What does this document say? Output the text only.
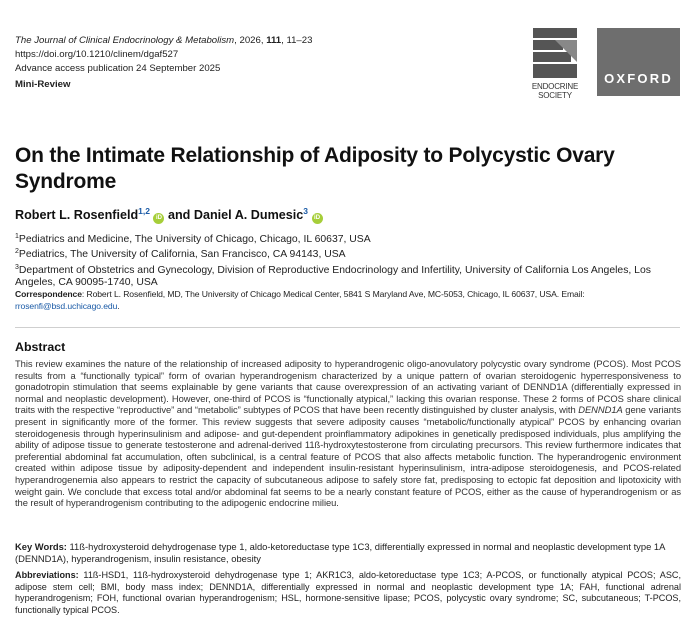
The Journal of Clinical Endocrinology & Metabolism, 2026, 111, 11–23
https://doi.org/10.1210/clinem/dgaf527
Advance access publication 24 September 2025
Mini-Review	ENDOCRINE
SOCIETY
OXFORD
On the Intimate Relationship of Adiposity to Polycystic Ovary Syndrome
Robert L. Rosenfield$^{1,2}$ iD and Daniel A. Dumesic$^3$ iD
$^1$Pediatrics and Medicine, The University of Chicago, Chicago, IL 60637, USA
$^2$Pediatrics, The University of California, San Francisco, CA 94143, USA
$^3$Department of Obstetrics and Gynecology, Division of Reproductive Endocrinology and Infertility, University of California Los Angeles, Los Angeles, CA 90095-1740, USA
Correspondence: Robert L. Rosenfield, MD, The University of Chicago Medical Center, 5841 S Maryland Ave, MC-5053, Chicago, IL 60637, USA. Email: rrosenfi@bsd.uchicago.edu.
Abstract
This review examines the nature of the relationship of increased adiposity to hyperandrogenic oligo-anovulatory polycystic ovary syndrome (PCOS). Most PCOS results from a “functionally typical” form of ovarian hyperandrogenism characterized by a unique pattern of ovarian steroidogenic hyperresponsiveness to gonadotropin stimulation that seems explainable by gene variants that cause overexpression of an activating variant of DENND1A (differentially expressed in normal and neoplastic development). However, one-third of PCOS is “functionally atypical,” lacking this ovarian response. These 2 forms of PCOS share clinical traits with the respective “reproductive” and “metabolic” subtypes of PCOS that have been recently distinguished by cluster analysis, with DENND1A gene variants present in significantly more of the former. This review suggests that severe adiposity causes “metabolic/functionally atypical” PCOS by enhancing ovarian steroidogenesis through hyperinsulinism and adipose- and gut-dependent proinflammatory adipokines in genetically predisposed individuals, plus amplifying the ability of adipose tissue to generate testosterone and adrenal-derived 11ß-hydroxytestosterone from circulating precursors. This review furthermore indicates that preferential abdominal fat accumulation, often subclinical, is a central feature of PCOS that also affects metabolic function. The hyperandrogenic environment created within adipose tissue by adiposity-dependent and independent insulin-resistant hyperinsulinism, intra-adipose steroidogenesis, and PCOS-related hyperandrogenemia also appears to restrict the capacity of subcutaneous adipose to safely store fat, predisposing to ectopic fat deposition and lipotoxicity with weight gain. We conclude that excess total and/or abdominal fat seems to be a nearly constant feature of PCOS, either as the cause of hyperandrogenism or as the result of hyperandrogenism contributing to the adipogenic endocrine milieu.
Key Words: 11ß-hydroxysteroid dehydrogenase type 1, aldo-ketoreductase type 1C3, differentially expressed in normal and neoplastic development type 1A (DENND1A), hyperandrogenism, insulin resistance, obesity
Abbreviations: 11ß-HSD1, 11ß-hydroxysteroid dehydrogenase type 1; AKR1C3, aldo-ketoreductase type 1C3; A-PCOS, or functionally atypical PCOS; ASC, adipose stem cell; BMI, body mass index; DENND1A, differentially expressed in normal and neoplastic development type 1A; FAH, functional adrenal hyperandrogenism; FOH, functional ovarian hyperandrogenism; HSL, hormone-sensitive lipase; PCOS, polycystic ovary syndrome; SC, subcutaneous; T-PCOS, functionally typical PCOS.
